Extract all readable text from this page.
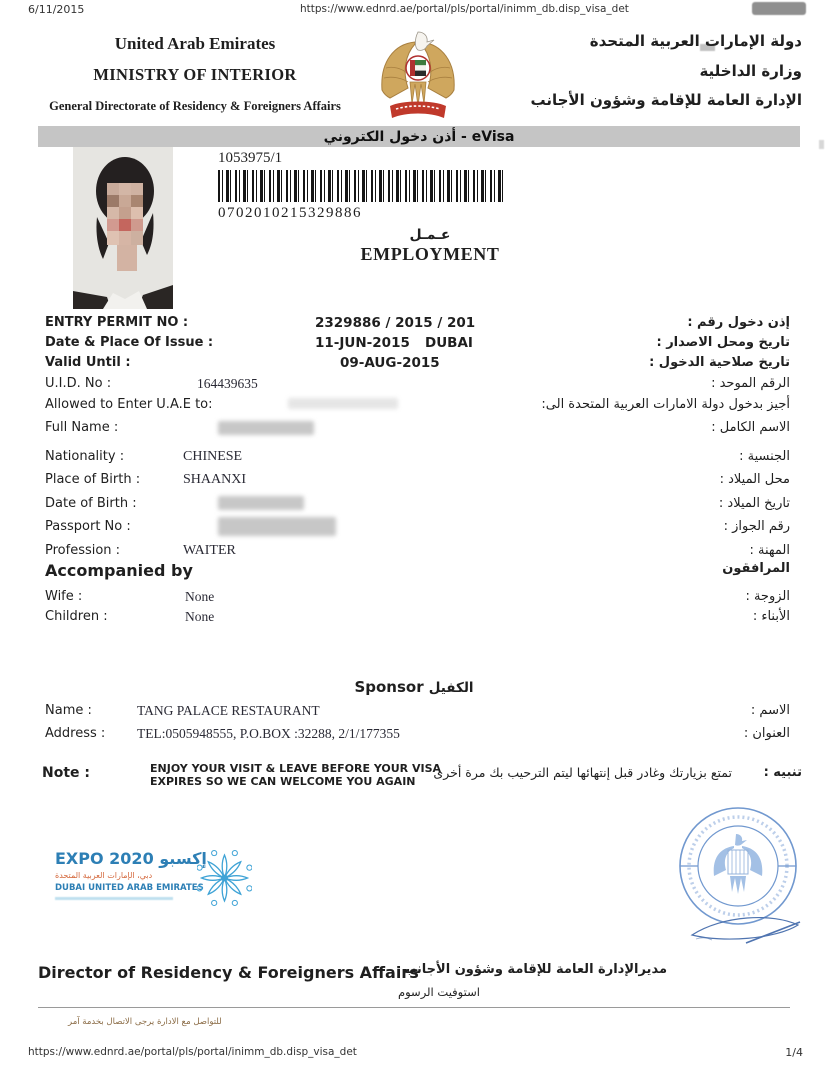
6/11/2015	https://www.ednrd.ae/portal/pls/portal/inimm_db.disp_visa_det
United Arab Emirates
MINISTRY OF INTERIOR
General Directorate of Residency & Foreigners Affairs
دولة الإمارات العربية المتحدة
وزارة الداخلية
الإدارة العامة للإقامة وشؤون الأجانب
أذن دخول الكتروني - eVisa
1053975/1
0702010215329886
عـمـل
EMPLOYMENT
ENTRY PERMIT NO :	2329886 / 2015 / 201	إذن دخول رقم :
Date & Place Of Issue :	11-JUN-2015 DUBAI	تاريخ ومحل الاصدار :
Valid Until :	09-AUG-2015	تاريخ صلاحية الدخول :
U.I.D. No :	164439635	الرقم الموحد :
Allowed to Enter U.A.E to:	أجيز بدخول دولة الامارات العربية المتحدة الى:
Full Name :	الاسم الكامل :
Nationality :	CHINESE	الجنسية :
Place of Birth :	SHAANXI	محل الميلاد :
Date of Birth :	تاريخ الميلاد :
Passport No :	رقم الجواز :
Profession :	WAITER	المهنة :
Accompanied by	المرافقون
Wife :	None	الزوجة :
Children :	None	الأبناء :
Sponsor الكفيل
Name :	TANG PALACE RESTAURANT	الاسم :
Address : TEL:0505948555, P.O.BOX :32288, 2/1/177355	العنوان :
Note :	ENJOY YOUR VISIT & LEAVE BEFORE YOUR VISA
EXPIRES SO WE CAN WELCOME YOU AGAIN
تمتع بزيارتك وغادر قبل إنتهائها ليتم الترحيب بك مرة أخرى تنبيه :
EXPO 2020 إكسبو
دبي، الإمارات العربية المتحدة
DUBAI UNITED ARAB EMIRATES
Director of Residency & Foreigners Affairs
مديرالإدارة العامة للإقامة وشؤون الأجانب
استوفيت الرسوم
للتواصل مع الادارة يرجى الاتصال بخدمة آمر
https://www.ednrd.ae/portal/pls/portal/inimm_db.disp_visa_det	1/4
